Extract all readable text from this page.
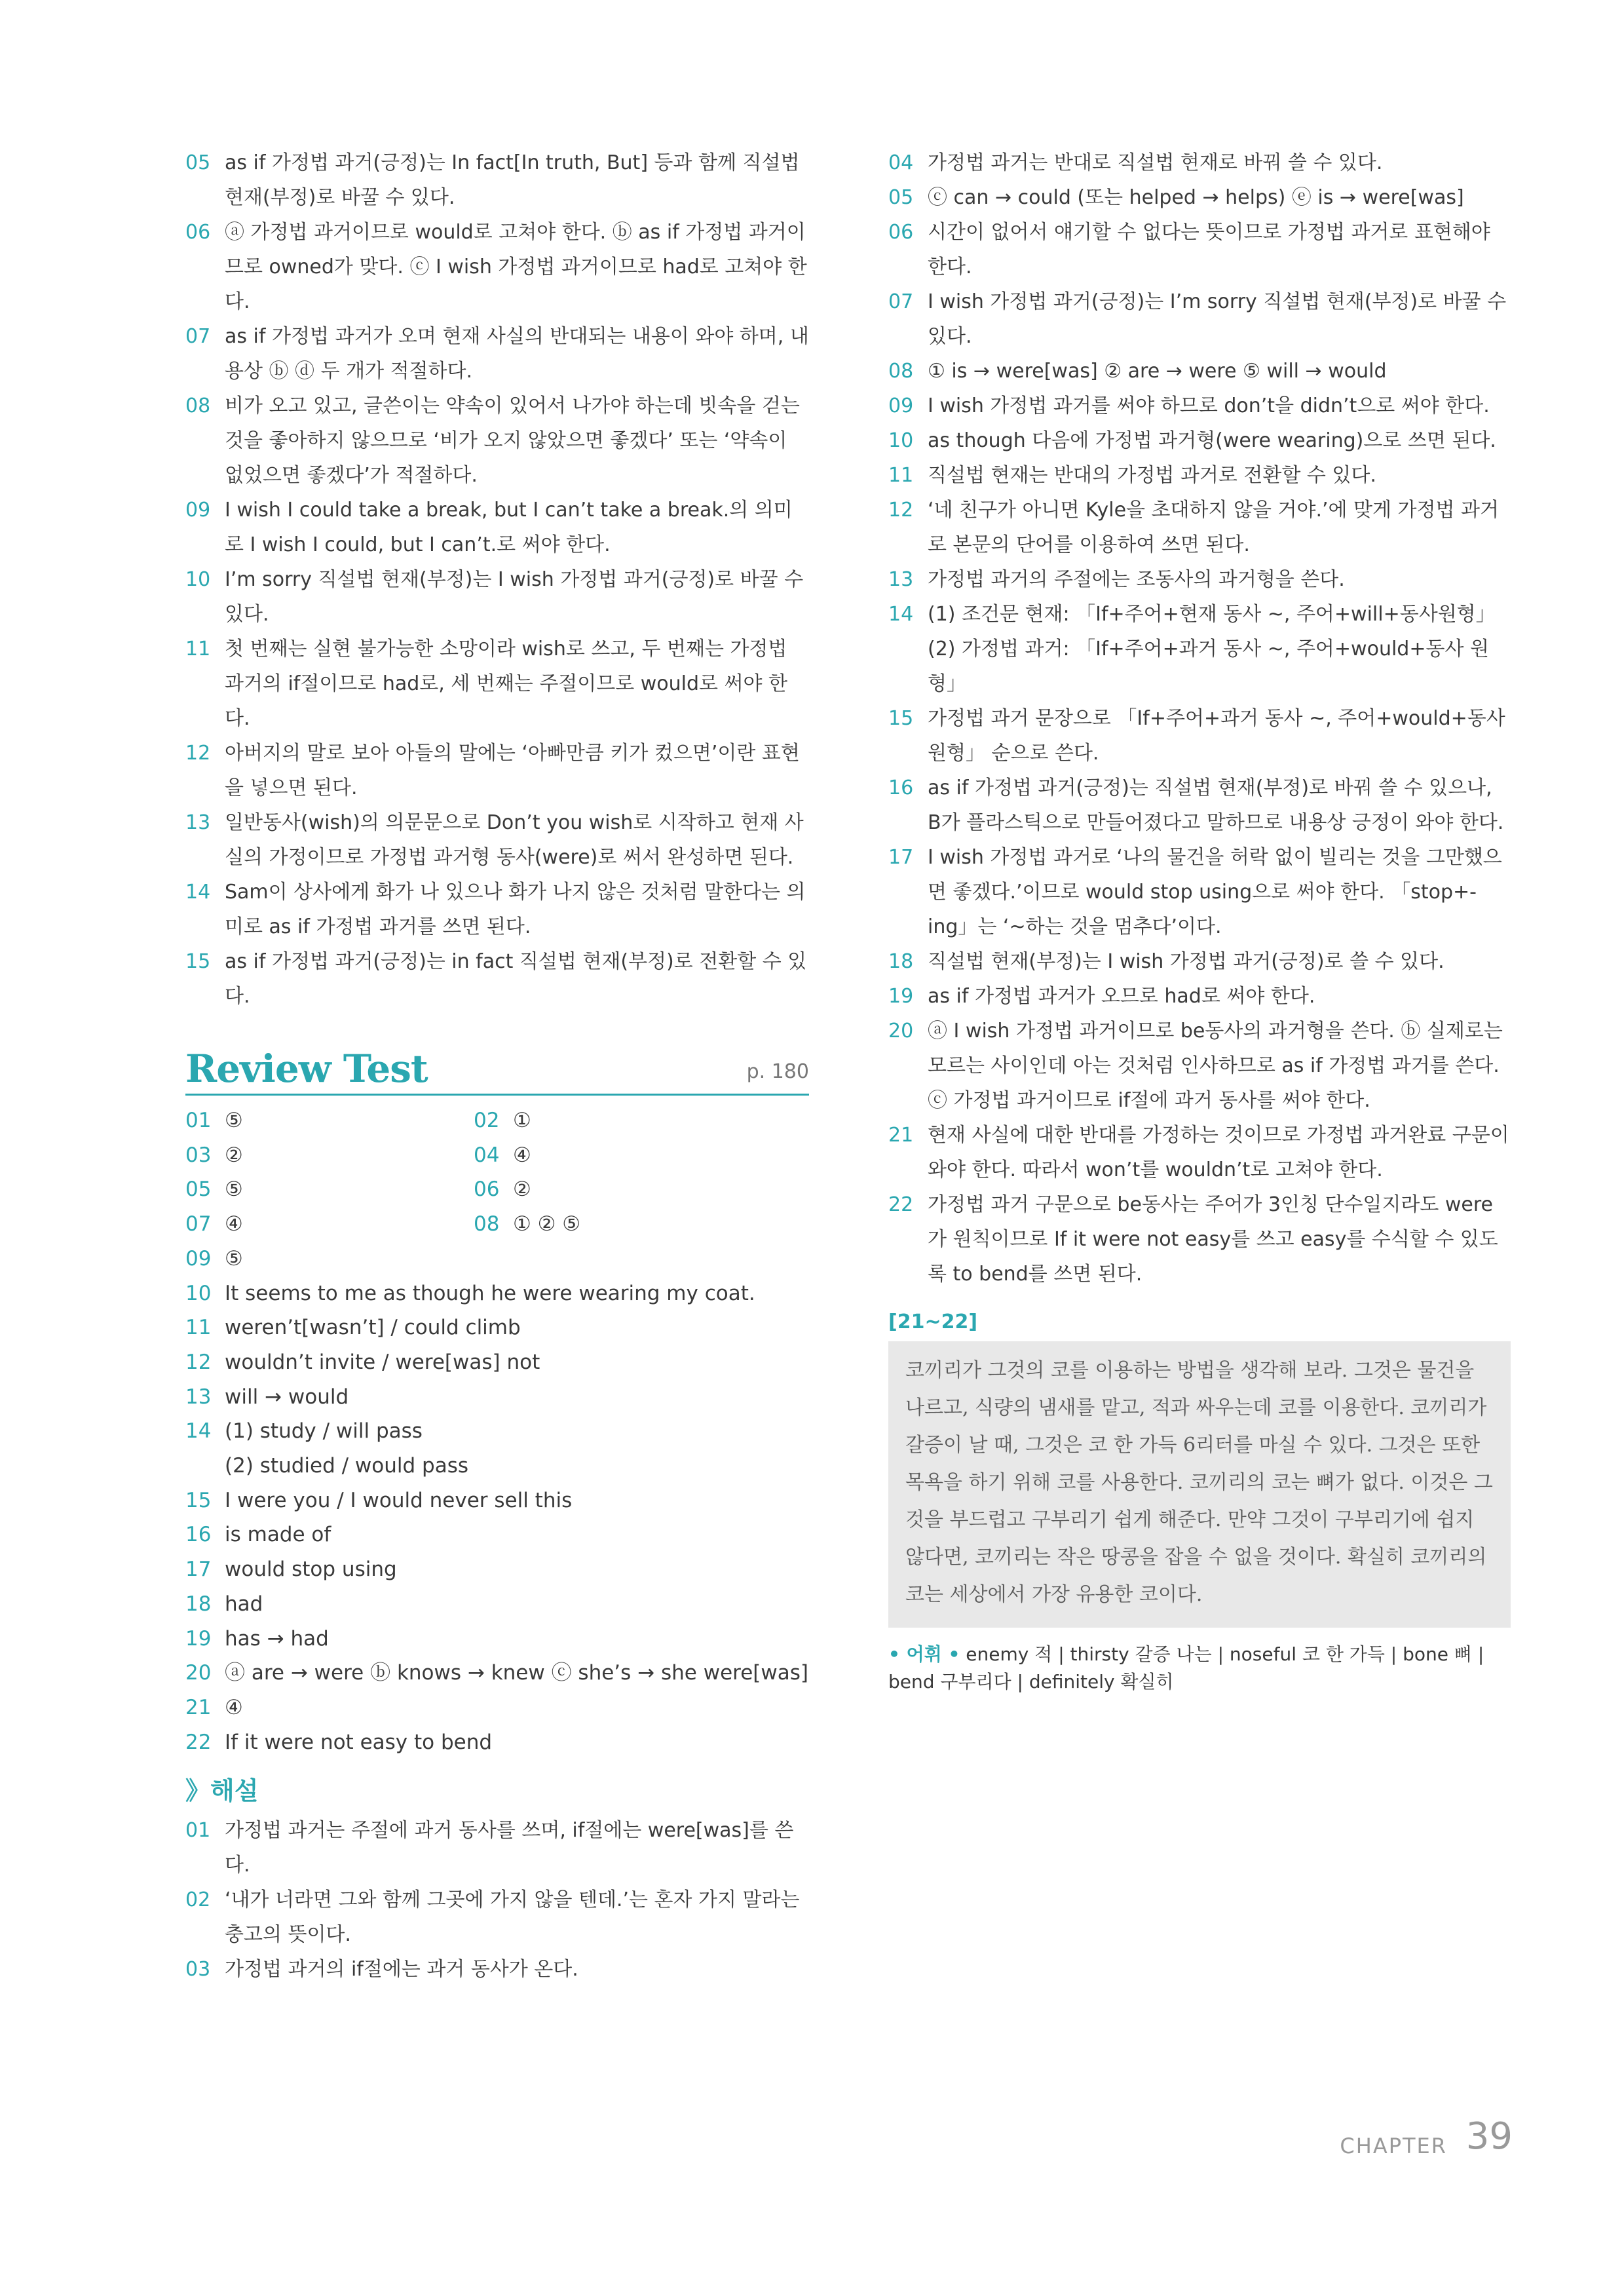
05 as if 가정법 과거(긍정)는 In fact[In truth, But] 등과 함께 직설법 현재(부정)로 바꿀 수 있다.
06 ⓐ 가정법 과거이므로 would로 고쳐야 한다. ⓑ as if 가정법 과거이므로 owned가 맞다. ⓒ I wish 가정법 과거이므로 had로 고쳐야 한다.
07 as if 가정법 과거가 오며 현재 사실의 반대되는 내용이 와야 하며, 내용상 ⓑ ⓓ 두 개가 적절하다.
08 비가 오고 있고, 글쓴이는 약속이 있어서 나가야 하는데 빗속을 걷는 것을 좋아하지 않으므로 ‘비가 오지 않았으면 좋겠다’ 또는 ‘약속이 없었으면 좋겠다’가 적절하다.
09 I wish I could take a break, but I can’t take a break.의 의미로 I wish I could, but I can’t.로 써야 한다.
10 I’m sorry 직설법 현재(부정)는 I wish 가정법 과거(긍정)로 바꿀 수 있다.
11 첫 번째는 실현 불가능한 소망이라 wish로 쓰고, 두 번째는 가정법 과거의 if절이므로 had로, 세 번째는 주절이므로 would로 써야 한다.
12 아버지의 말로 보아 아들의 말에는 ‘아빠만큼 키가 컸으면’이란 표현을 넣으면 된다.
13 일반동사(wish)의 의문문으로 Don’t you wish로 시작하고 현재 사실의 가정이므로 가정법 과거형 동사(were)로 써서 완성하면 된다.
14 Sam이 상사에게 화가 나 있으나 화가 나지 않은 것처럼 말한다는 의미로 as if 가정법 과거를 쓰면 된다.
15 as if 가정법 과거(긍정)는 in fact 직설법 현재(부정)로 전환할 수 있다.
Review Test	p. 180
01 ⑤	02 ①
03 ②	04 ④
05 ⑤	06 ②
07 ④	08 ① ② ⑤
09 ⑤
10 It seems to me as though he were wearing my coat.
11 weren’t[wasn’t] / could climb
12 wouldn’t invite / were[was] not
13 will → would
14 (1) study / will pass
(2) studied / would pass
15 I were you / I would never sell this
16 is made of
17 would stop using
18 had
19 has → had
20 ⓐ are → were ⓑ knows → knew ⓒ she’s → she were[was]
21 ④
22 If it were not easy to bend
》해설
01 가정법 과거는 주절에 과거 동사를 쓰며, if절에는 were[was]를 쓴다.
02 ‘내가 너라면 그와 함께 그곳에 가지 않을 텐데.’는 혼자 가지 말라는 충고의 뜻이다.
03 가정법 과거의 if절에는 과거 동사가 온다.
04 가정법 과거는 반대로 직설법 현재로 바꿔 쓸 수 있다.
05 ⓒ can → could (또는 helped → helps) ⓔ is → were[was]
06 시간이 없어서 얘기할 수 없다는 뜻이므로 가정법 과거로 표현해야 한다.
07 I wish 가정법 과거(긍정)는 I’m sorry 직설법 현재(부정)로 바꿀 수 있다.
08 ① is → were[was] ② are → were ⑤ will → would
09 I wish 가정법 과거를 써야 하므로 don’t을 didn’t으로 써야 한다.
10 as though 다음에 가정법 과거형(were wearing)으로 쓰면 된다.
11 직설법 현재는 반대의 가정법 과거로 전환할 수 있다.
12 ‘네 친구가 아니면 Kyle을 초대하지 않을 거야.’에 맞게 가정법 과거로 본문의 단어를 이용하여 쓰면 된다.
13 가정법 과거의 주절에는 조동사의 과거형을 쓴다.
14 (1) 조건문 현재: 「If+주어+현재 동사 ~, 주어+will+동사원형」
(2) 가정법 과거: 「If+주어+과거 동사 ~, 주어+would+동사 원형」
15 가정법 과거 문장으로 「If+주어+과거 동사 ~, 주어+would+동사 원형」 순으로 쓴다.
16 as if 가정법 과거(긍정)는 직설법 현재(부정)로 바꿔 쓸 수 있으나, B가 플라스틱으로 만들어졌다고 말하므로 내용상 긍정이 와야 한다.
17 I wish 가정법 과거로 ‘나의 물건을 허락 없이 빌리는 것을 그만했으면 좋겠다.’이므로 would stop using으로 써야 한다. 「stop+-ing」는 ‘~하는 것을 멈추다’이다.
18 직설법 현재(부정)는 I wish 가정법 과거(긍정)로 쓸 수 있다.
19 as if 가정법 과거가 오므로 had로 써야 한다.
20 ⓐ I wish 가정법 과거이므로 be동사의 과거형을 쓴다. ⓑ 실제로는 모르는 사이인데 아는 것처럼 인사하므로 as if 가정법 과거를 쓴다. ⓒ 가정법 과거이므로 if절에 과거 동사를 써야 한다.
21 현재 사실에 대한 반대를 가정하는 것이므로 가정법 과거완료 구문이 와야 한다. 따라서 won’t를 wouldn’t로 고쳐야 한다.
22 가정법 과거 구문으로 be동사는 주어가 3인칭 단수일지라도 were가 원칙이므로 If it were not easy를 쓰고 easy를 수식할 수 있도록 to bend를 쓰면 된다.
[21~22]
코끼리가 그것의 코를 이용하는 방법을 생각해 보라. 그것은 물건을 나르고, 식량의 냄새를 맡고, 적과 싸우는데 코를 이용한다. 코끼리가 갈증이 날 때, 그것은 코 한 가득 6리터를 마실 수 있다. 그것은 또한 목욕을 하기 위해 코를 사용한다. 코끼리의 코는 뼈가 없다. 이것은 그것을 부드럽고 구부리기 쉽게 해준다. 만약 그것이 구부리기에 쉽지 않다면, 코끼리는 작은 땅콩을 잡을 수 없을 것이다. 확실히 코끼리의 코는 세상에서 가장 유용한 코이다.
• 어휘 • enemy 적 | thirsty 갈증 나는 | noseful 코 한 가득 | bone 뼈 | bend 구부리다 | definitely 확실히
CHAPTER 39
